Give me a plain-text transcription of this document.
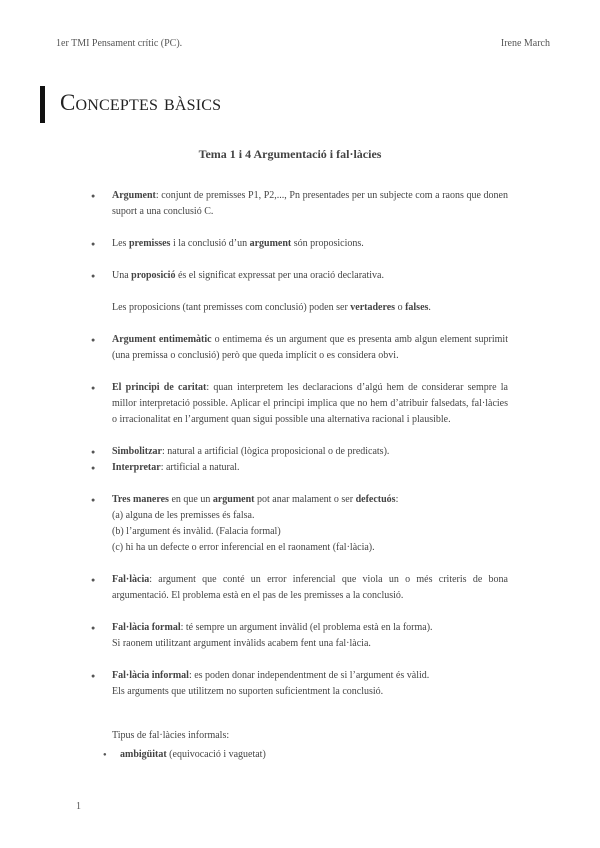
1er TMI Pensament crític (PC).	Irene March
Conceptes bàsics
Tema 1 i 4 Argumentació i fal·làcies
● Argument: conjunt de premisses P1, P2,..., Pn presentades per un subjecte com a raons que donen suport a una conclusió C.
● Les premisses i la conclusió d’un argument són proposicions.
● Una proposició és el significat expressat per una oració declarativa.
Les proposicions (tant premisses com conclusió) poden ser vertaderes o falses.
● Argument entimemàtic o entimema és un argument que es presenta amb algun element suprimit (una premissa o conclusió) però que queda implícit o es considera obvi.
● El principi de caritat: quan interpretem les declaracions d’algú hem de considerar sempre la millor interpretació possible. Aplicar el principi implica que no hem d’atribuir falsedats, fal·làcies o irracionalitat en l’argument quan sigui possible una alternativa racional i plausible.
● Simbolitzar: natural a artificial (lògica proposicional o de predicats).
● Interpretar: artificial a natural.
● Tres maneres en que un argument pot anar malament o ser defectuós:
(a) alguna de les premisses és falsa.
(b) l’argument és invàlid. (Falacia formal)
(c) hi ha un defecte o error inferencial en el raonament (fal·làcia).
● Fal·làcia: argument que conté un error inferencial que viola un o més criteris de bona argumentació. El problema està en el pas de les premisses a la conclusió.
● Fal·làcia formal: té sempre un argument invàlid (el problema està en la forma).
Si raonem utilitzant argument invàlids acabem fent una fal·làcia.
● Fal·làcia informal: es poden donar independentment de si l’argument és vàlid.
Els arguments que utilitzem no suporten suficientment la conclusió.
Tipus de fal·làcies informals:
● ambigüitat (equivocació i vaguetat)
1
